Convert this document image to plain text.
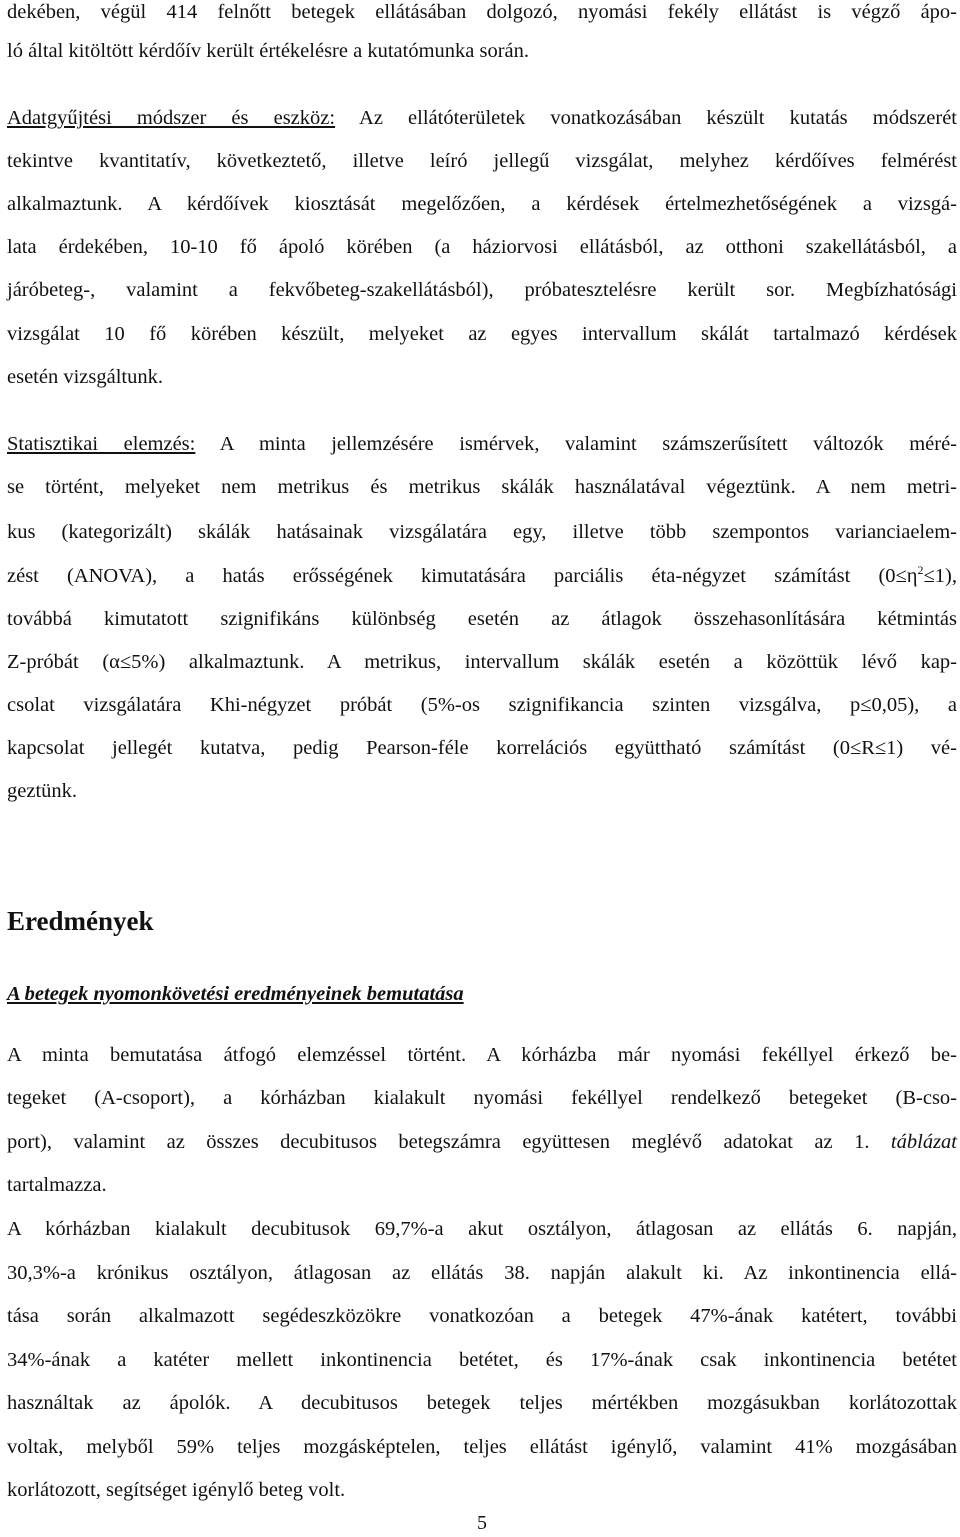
dekében, végül 414 felnőtt betegek ellátásában dolgozó, nyomási fekély ellátást is végző ápo-
ló által kitöltött kérdőív került értékelésre a kutatómunka során.
Adatgyűjtési módszer és eszköz: Az ellátóterületek vonatkozásában készült kutatás módszerét
tekintve kvantitatív, következtető, illetve leíró jellegű vizsgálat, melyhez kérdőíves felmérést
alkalmaztunk. A kérdőívek kiosztását megelőzően, a kérdések értelmezhetőségének a vizsgá-
lata érdekében, 10-10 fő ápoló körében (a háziorvosi ellátásból, az otthoni szakellátásból, a
járóbeteg-, valamint a fekvőbeteg-szakellátásból), próbatesztelésre került sor. Megbízhatósági
vizsgálat 10 fő körében készült, melyeket az egyes intervallum skálát tartalmazó kérdések
esetén vizsgáltunk.
Statisztikai elemzés: A minta jellemzésére ismérvek, valamint számszerűsített változók méré-
se történt, melyeket nem metrikus és metrikus skálák használatával végeztünk. A nem metri-
kus (kategorizált) skálák hatásainak vizsgálatára egy, illetve több szempontos varianciaelem-
zést (ANOVA), a hatás erősségének kimutatására parciális éta-négyzet számítást $(0\le\eta^2\le 1)$,
továbbá kimutatott szignifikáns különbség esetén az átlagok összehasonlítására kétmintás
Z-próbát (α≤5%) alkalmaztunk. A metrikus, intervallum skálák esetén a közöttük lévő kap-
csolat vizsgálatára Khi-négyzet próbát (5%-os szignifikancia szinten vizsgálva, p≤0,05), a
kapcsolat jellegét kutatva, pedig Pearson-féle korrelációs együttható számítást (0≤R≤1) vé-
geztünk.
Eredmények
A betegek nyomonkövetési eredményeinek bemutatása
A minta bemutatása átfogó elemzéssel történt. A kórházba már nyomási fekéllyel érkező be-
tegeket (A-csoport), a kórházban kialakult nyomási fekéllyel rendelkező betegeket (B-cso-
port), valamint az összes decubitusos betegszámra együttesen meglévő adatokat az 1. táblázat
tartalmazza.
A kórházban kialakult decubitusok 69,7%-a akut osztályon, átlagosan az ellátás 6. napján,
30,3%-a krónikus osztályon, átlagosan az ellátás 38. napján alakult ki. Az inkontinencia ellá-
tása során alkalmazott segédeszközökre vonatkozóan a betegek 47%-ának katétert, további
34%-ának a katéter mellett inkontinencia betétet, és 17%-ának csak inkontinencia betétet
használtak az ápolók. A decubitusos betegek teljes mértékben mozgásukban korlátozottak
voltak, melyből 59% teljes mozgásképtelen, teljes ellátást igénylő, valamint 41% mozgásában
korlátozott, segítséget igénylő beteg volt.
5
